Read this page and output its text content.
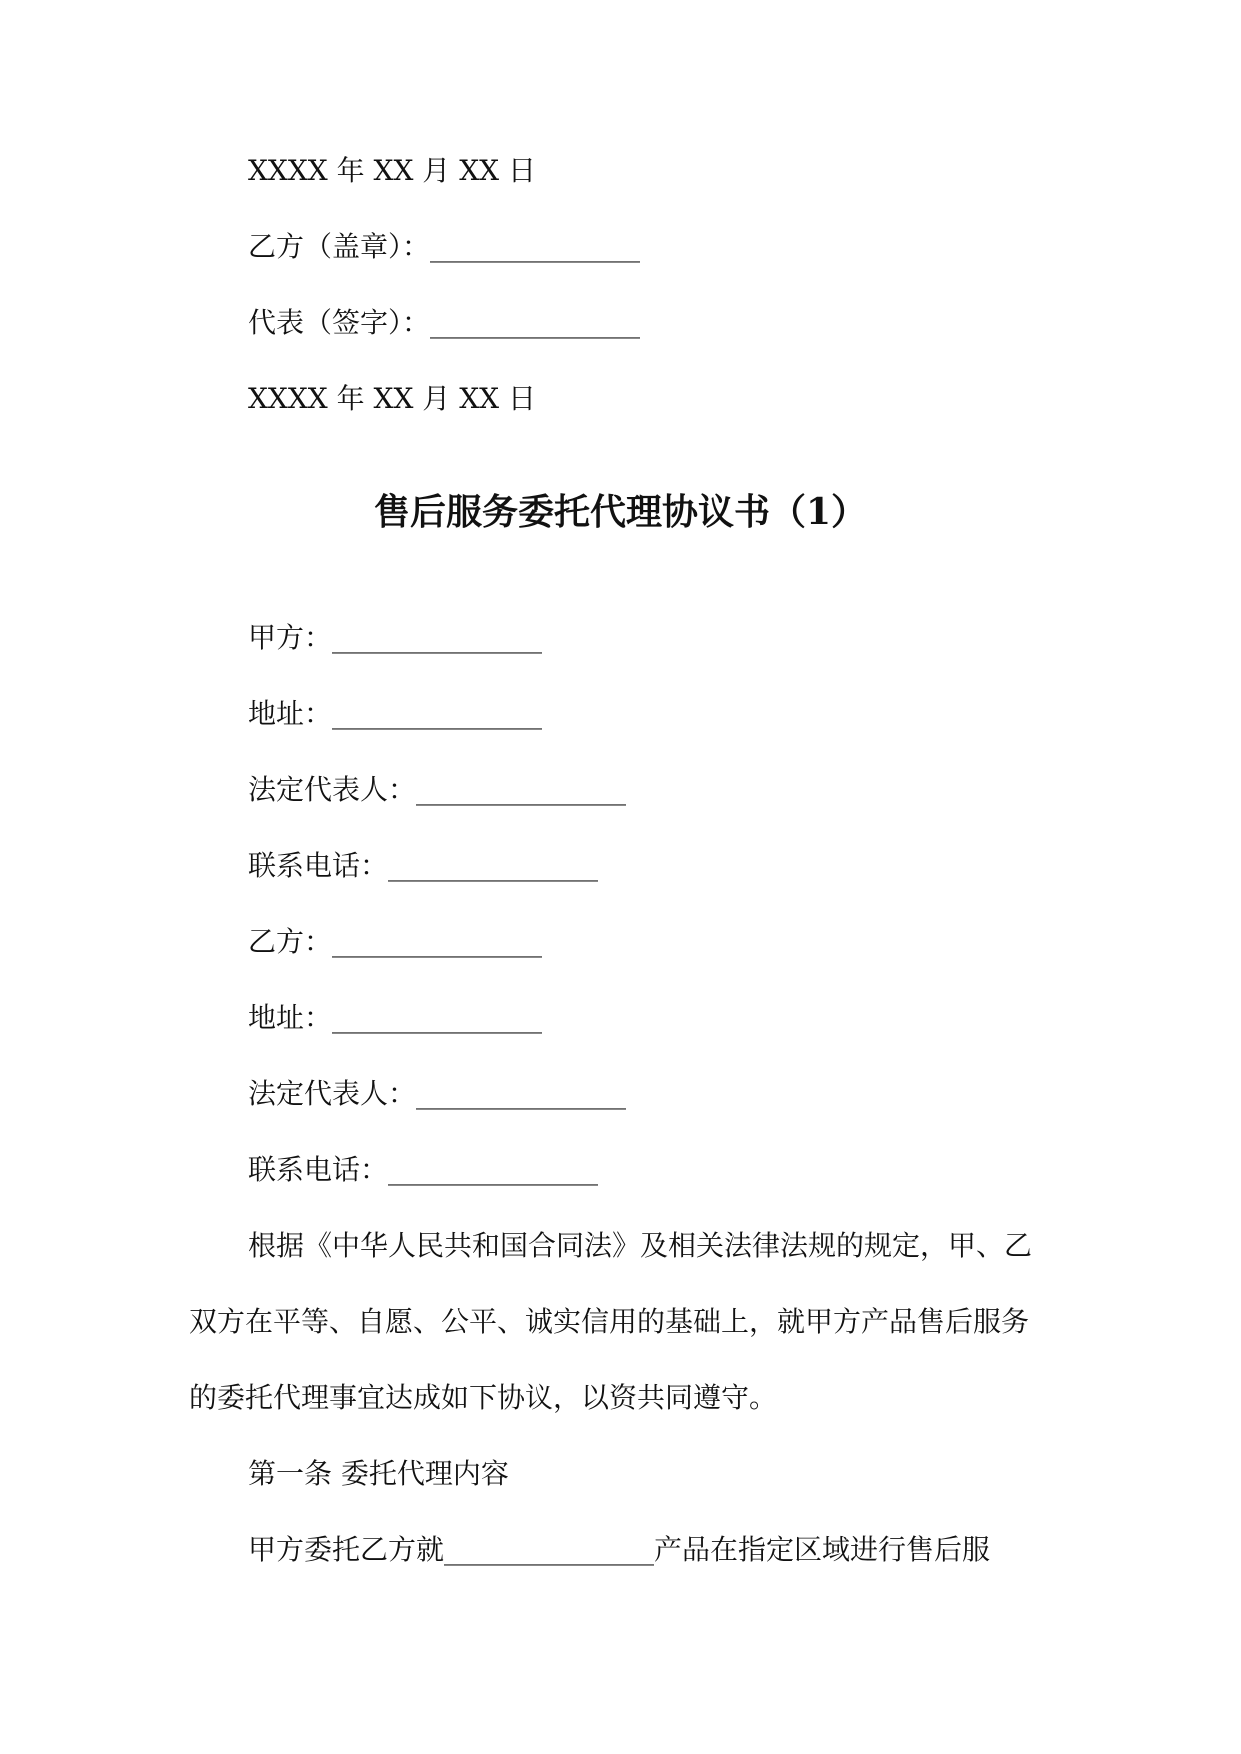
XXXX 年 XX 月 XX 日
乙方（盖章）：_______________
代表（签字）：_______________
XXXX 年 XX 月 XX 日
售后服务委托代理协议书（1）
甲方：_______________
地址：_______________
法定代表人：_______________
联系电话：_______________
乙方：_______________
地址：_______________
法定代表人：_______________
联系电话：_______________
根据《中华人民共和国合同法》及相关法律法规的规定，甲、乙
双方在平等、自愿、公平、诚实信用的基础上，就甲方产品售后服务
的委托代理事宜达成如下协议，以资共同遵守。
第一条 委托代理内容
甲方委托乙方就_______________产品在指定区域进行售后服
